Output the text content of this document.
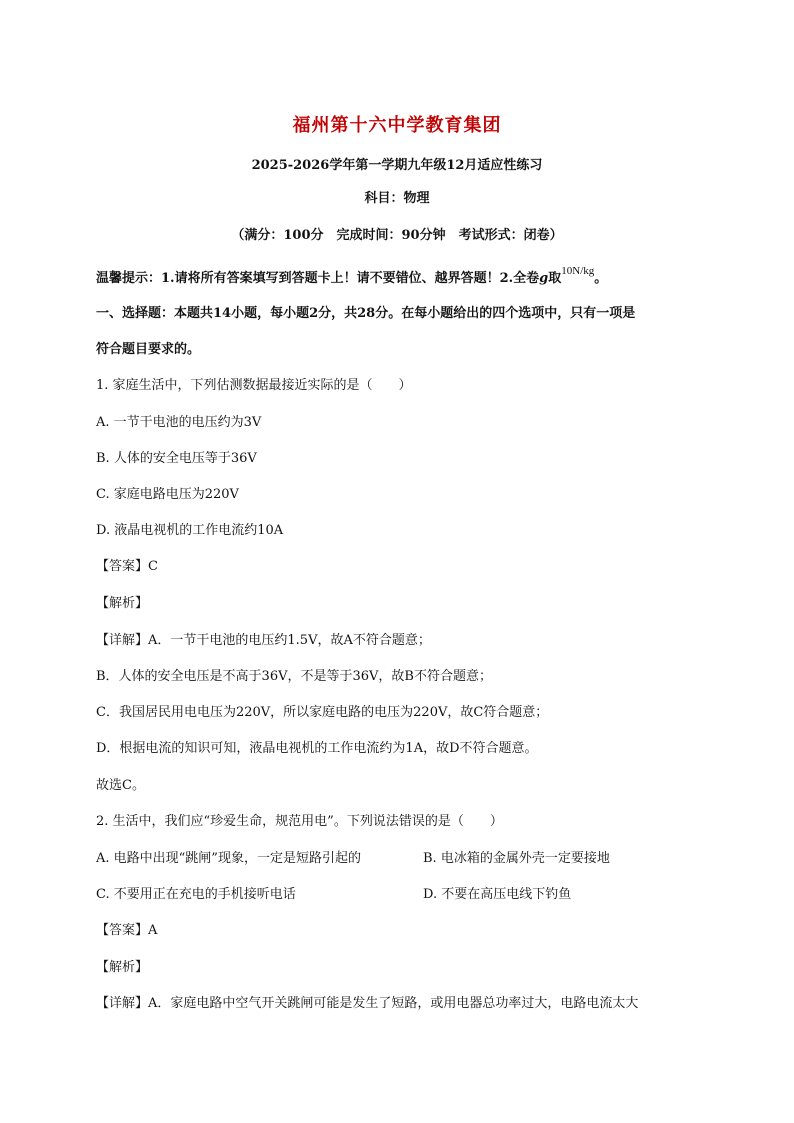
福州第十六中学教育集团
2025-2026学年第一学期九年级12月适应性练习
科目：物理
（满分：100分　完成时间：90分钟　考试形式：闭卷）
温馨提示：1.请将所有答案填写到答题卡上！请不要错位、越界答题！2.全卷g取$^{10N/kg}$。
一、选择题：本题共14小题，每小题2分，共28分。在每小题给出的四个选项中，只有一项是
符合题目要求的。
1. 家庭生活中，下列估测数据最接近实际的是（　　）
A. 一节干电池的电压约为3V
B. 人体的安全电压等于36V
C. 家庭电路电压为220V
D. 液晶电视机的工作电流约10A
【答案】C
【解析】
【详解】A．一节干电池的电压约1.5V，故A不符合题意；
B．人体的安全电压是不高于36V，不是等于36V，故B不符合题意；
C．我国居民用电电压为220V，所以家庭电路的电压为220V，故C符合题意；
D．根据电流的知识可知，液晶电视机的工作电流约为1A，故D不符合题意。
故选C。
2. 生活中，我们应“珍爱生命，规范用电”。下列说法错误的是（　　）
A. 电路中出现“跳闸”现象，一定是短路引起的	B. 电冰箱的金属外壳一定要接地
C. 不要用正在充电的手机接听电话	D. 不要在高压电线下钓鱼
【答案】A
【解析】
【详解】A．家庭电路中空气开关跳闸可能是发生了短路，或用电器总功率过大，电路电流太大
